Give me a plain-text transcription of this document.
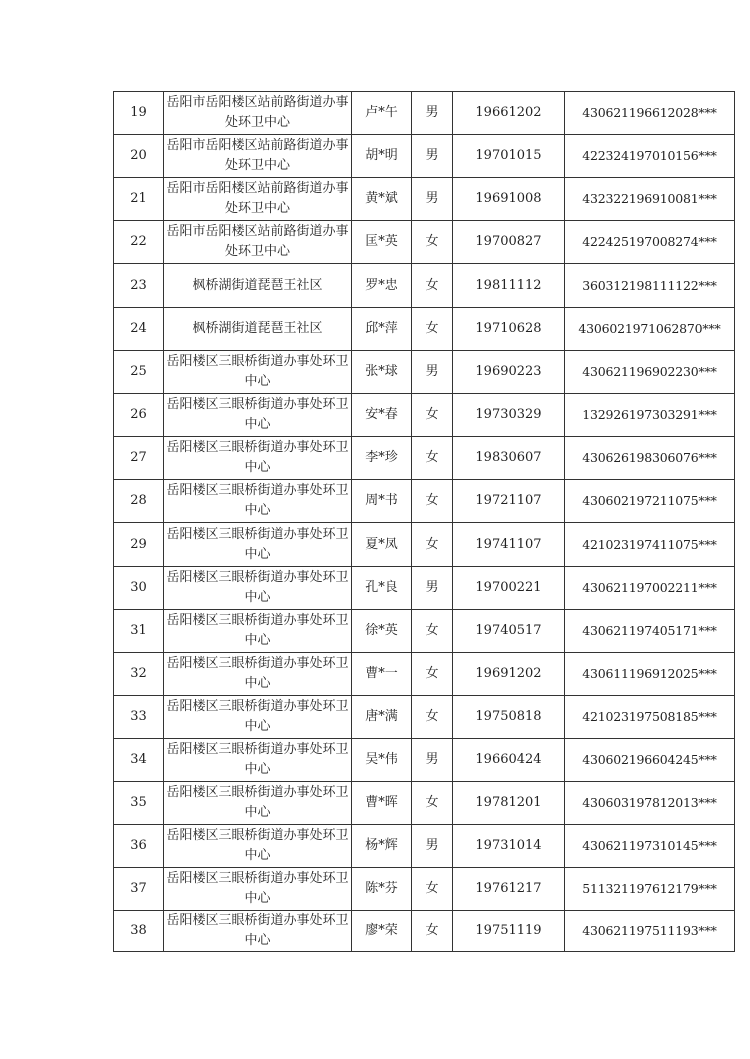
19	岳阳市岳阳楼区站前路街道办事处环卫中心	卢*午	男	19661202	430621196612028***
20	岳阳市岳阳楼区站前路街道办事处环卫中心	胡*明	男	19701015	422324197010156***
21	岳阳市岳阳楼区站前路街道办事处环卫中心	黄*斌	男	19691008	432322196910081***
22	岳阳市岳阳楼区站前路街道办事处环卫中心	匡*英	女	19700827	422425197008274***
23	枫桥湖街道琵琶王社区	罗*忠	女	19811112	360312198111122***
24	枫桥湖街道琵琶王社区	邱*萍	女	19710628	4306021971062870***
25	岳阳楼区三眼桥街道办事处环卫中心	张*球	男	19690223	430621196902230***
26	岳阳楼区三眼桥街道办事处环卫中心	安*春	女	19730329	132926197303291***
27	岳阳楼区三眼桥街道办事处环卫中心	李*珍	女	19830607	430626198306076***
28	岳阳楼区三眼桥街道办事处环卫中心	周*书	女	19721107	430602197211075***
29	岳阳楼区三眼桥街道办事处环卫中心	夏*凤	女	19741107	421023197411075***
30	岳阳楼区三眼桥街道办事处环卫中心	孔*良	男	19700221	430621197002211***
31	岳阳楼区三眼桥街道办事处环卫中心	徐*英	女	19740517	430621197405171***
32	岳阳楼区三眼桥街道办事处环卫中心	曹*一	女	19691202	430611196912025***
33	岳阳楼区三眼桥街道办事处环卫中心	唐*满	女	19750818	421023197508185***
34	岳阳楼区三眼桥街道办事处环卫中心	吴*伟	男	19660424	430602196604245***
35	岳阳楼区三眼桥街道办事处环卫中心	曹*晖	女	19781201	430603197812013***
36	岳阳楼区三眼桥街道办事处环卫中心	杨*辉	男	19731014	430621197310145***
37	岳阳楼区三眼桥街道办事处环卫中心	陈*芬	女	19761217	511321197612179***
38	岳阳楼区三眼桥街道办事处环卫中心	廖*荣	女	19751119	430621197511193***
